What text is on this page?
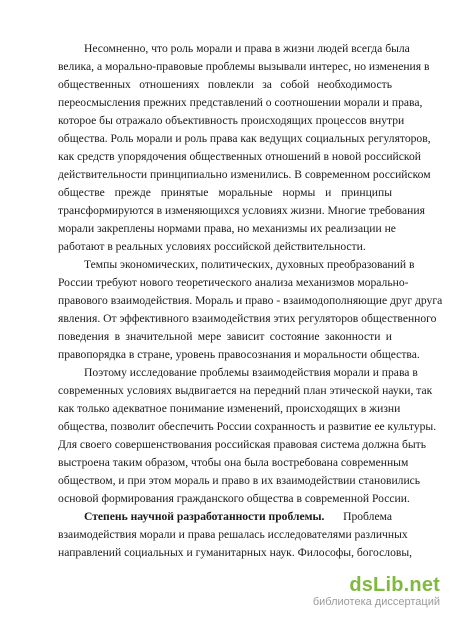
Несомненно, что роль морали и права в жизни людей всегда была
велика, а морально-правовые проблемы вызывали интерес, но изменения в
общественных отношениях повлекли за собой необходимость
переосмысления прежних представлений о соотношении морали и права,
которое бы отражало объективность происходящих процессов внутри
общества. Роль морали и роль права как ведущих социальных регуляторов,
как средств упорядочения общественных отношений в новой российской
действительности принципиально изменились. В современном российском
обществе прежде принятые моральные нормы и принципы
трансформируются в изменяющихся условиях жизни. Многие требования
морали закреплены нормами права, но механизмы их реализации не
работают в реальных условиях российской действительности.
Темпы экономических, политических, духовных преобразований в
России требуют нового теоретического анализа механизмов морально-
правового взаимодействия. Мораль и право - взаимодополняющие друг друга
явления. От эффективного взаимодействия этих регуляторов общественного
поведения в значительной мере зависит состояние законности и
правопорядка в стране, уровень правосознания и моральности общества.
Поэтому исследование проблемы взаимодействия морали и права в
современных условиях выдвигается на передний план этической науки, так
как только адекватное понимание изменений, происходящих в жизни
общества, позволит обеспечить России сохранность и развитие ее культуры.
Для своего совершенствования российская правовая система должна быть
выстроена таким образом, чтобы она была востребована современным
обществом, и при этом мораль и право в их взаимодействии становились
основой формирования гражданского общества в современной России.
Степень научной разработанности проблемы. Проблема
взаимодействия морали и права решалась исследователями различных
направлений социальных и гуманитарных наук. Философы, богословы,
dsLib.net
библиотека диссертаций
